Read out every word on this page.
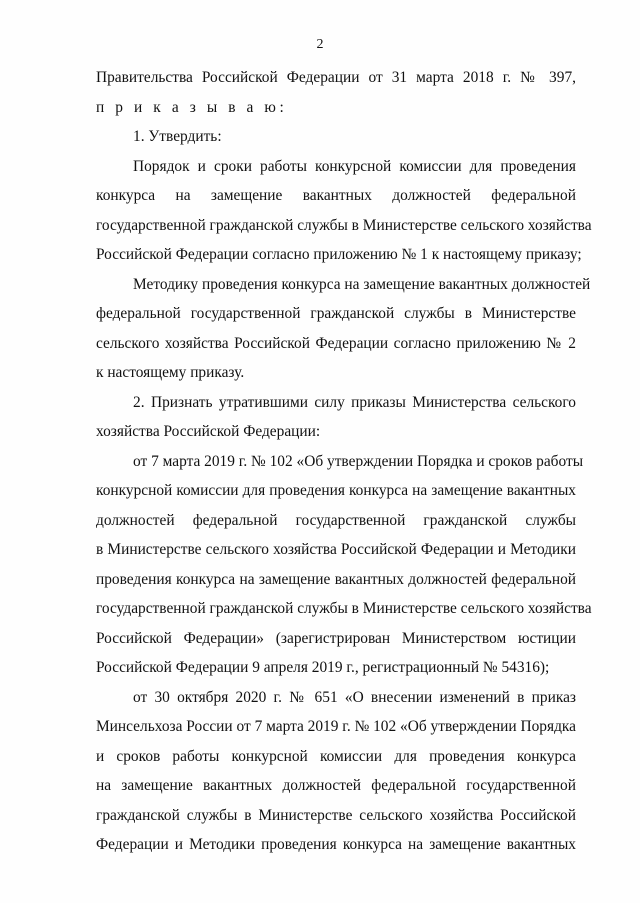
2
Правительства Российской Федерации от 31 марта 2018 г. № 397,
п р и к а з ы в а ю:
1. Утвердить:
Порядок и сроки работы конкурсной комиссии для проведения
конкурса на замещение вакантных должностей федеральной
государственной гражданской службы в Министерстве сельского хозяйства
Российской Федерации согласно приложению № 1 к настоящему приказу;
Методику проведения конкурса на замещение вакантных должностей
федеральной государственной гражданской службы в Министерстве
сельского хозяйства Российской Федерации согласно приложению № 2
к настоящему приказу.
2. Признать утратившими силу приказы Министерства сельского
хозяйства Российской Федерации:
от 7 марта 2019 г. № 102 «Об утверждении Порядка и сроков работы
конкурсной комиссии для проведения конкурса на замещение вакантных
должностей федеральной государственной гражданской службы
в Министерстве сельского хозяйства Российской Федерации и Методики
проведения конкурса на замещение вакантных должностей федеральной
государственной гражданской службы в Министерстве сельского хозяйства
Российской Федерации» (зарегистрирован Министерством юстиции
Российской Федерации 9 апреля 2019 г., регистрационный № 54316);
от 30 октября 2020 г. № 651 «О внесении изменений в приказ
Минсельхоза России от 7 марта 2019 г. № 102 «Об утверждении Порядка
и сроков работы конкурсной комиссии для проведения конкурса
на замещение вакантных должностей федеральной государственной
гражданской службы в Министерстве сельского хозяйства Российской
Федерации и Методики проведения конкурса на замещение вакантных
